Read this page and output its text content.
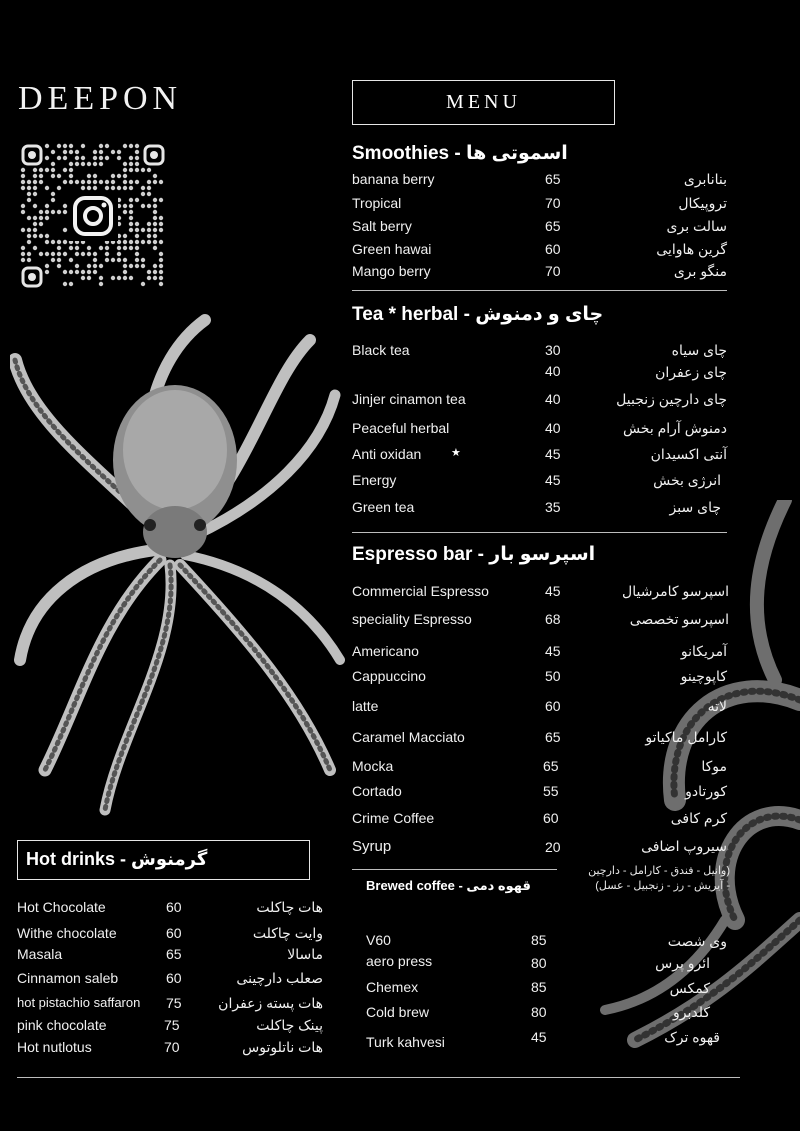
DEEPON	MENU
Smoothies - اسموتی ها
banana berry	65	بنانابری
Tropical	70	تروپیکال
Salt berry	65	سالت بری
Green hawai	60	گرین هاوایی
Mango berry	70	منگو بری
Tea * herbal - چای و دمنوش
Black tea	30	چای سیاه
40	چای زعفران
Jinjer cinamon tea	40	چای دارچین زنجبیل
Peaceful herbal	40	دمنوش آرام بخش
Anti oxidan	★	45	آنتی اکسیدان
Energy	45	انرژی بخش
Green tea	35	چای سبز
Espresso bar - اسپرسو بار
Commercial Espresso	45	اسپرسو کامرشیال
speciality Espresso	68	اسپرسو تخصصی
Americano	45	آمریکانو
Cappuccino	50	کاپوچینو
latte	60	لاته
Caramel Macciato	65	کارامل ماکیاتو
Mocka	65	موکا
Cortado	55	کورتادو
Crime Coffee	60	کرم کافی
Syrup	20	سیروپ اضافی
(وانیل - فندق - کارامل - دارچین
- آیریش - رز - زنجبیل - عسل)
Brewed coffee - قهوه دمی
V60	85	وی شصت
aero press	80	ائرو پرس
Chemex	85	کمکس
Cold brew	80	کلدبرو
Turk kahvesi	45	قهوه ترک
Hot drinks - گرمنوش
Hot Chocolate	60	هات چاکلت
Withe chocolate	60	وایت چاکلت
Masala	65	ماسالا
Cinnamon saleb	60	صعلب دارچینی
hot pistachio saffaron 75	هات پسته زعفران
pink chocolate	75	پینک چاکلت
Hot nutlotus	70	هات ناتلوتوس
